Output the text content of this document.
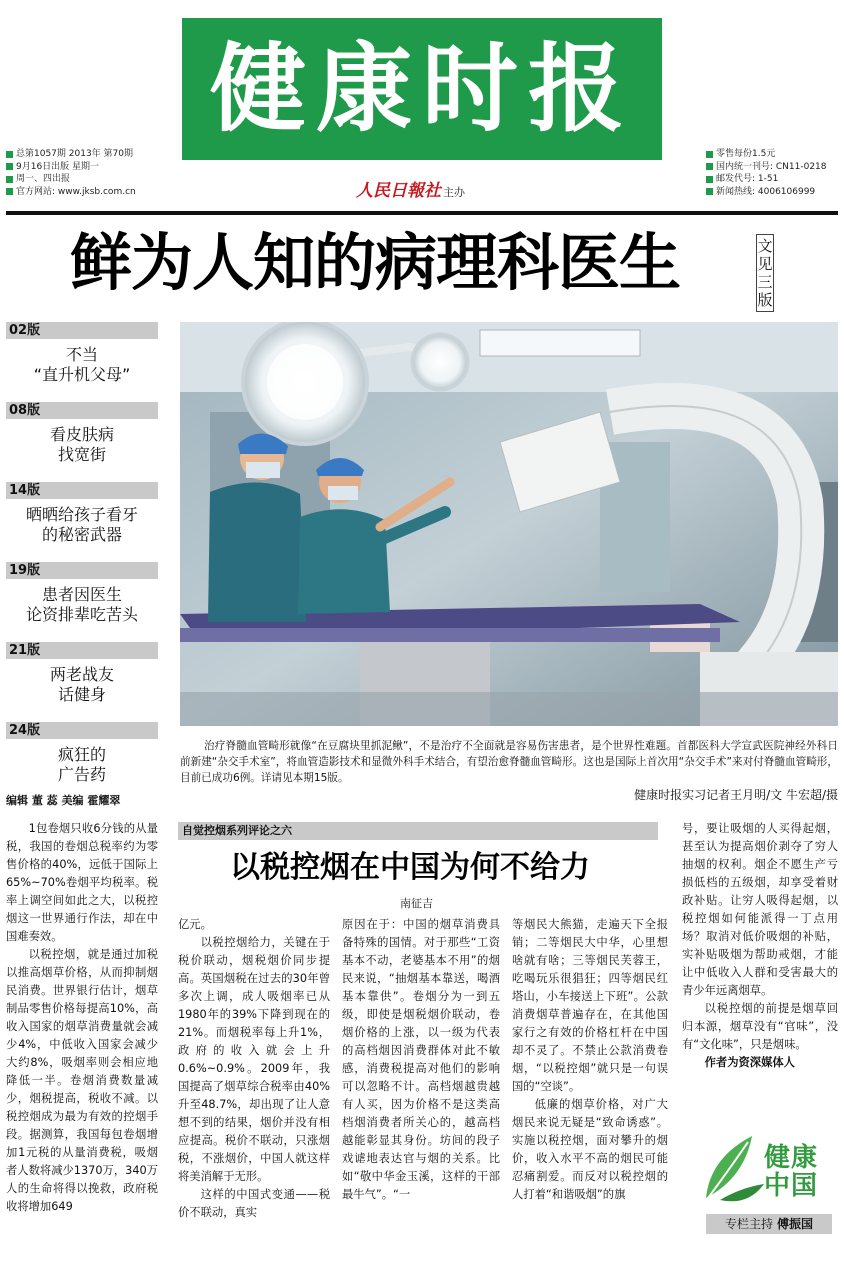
健康时报
总第1057期 2013年 第70期
9月16日出版 星期一
周一、四出报
官方网站: www.jksb.com.cn	人民日報社 主办
零售每份1.5元
国内统一刊号: CN11-0218
邮发代号: 1-51
新闻热线: 4006106999
鲜为人知的病理科医生	文见三版
02版
不当
“直升机父母”
08版
看皮肤病
找宽街
14版
晒晒给孩子看牙
的秘密武器
19版
患者因医生
论资排辈吃苦头
21版
两老战友
话健身
24版
疯狂的
广告药
编辑 董 蕊 美编 霍耀翠
治疗脊髓血管畸形就像“在豆腐块里抓泥鳅”，不是治疗不全面就是容易伤害患者，是个世界性难题。首都医科大学宣武医院神经外科日前新建“杂交手术室”，将血管造影技术和显微外科手术结合，有望治愈脊髓血管畸形。这也是国际上首次用“杂交手术”来对付脊髓血管畸形，目前已成功6例。详请见本期15版。
健康时报实习记者王月明/文 牛宏超/摄

1包卷烟只收6分钱的从量税，我国的卷烟总税率约为零售价格的40%，远低于国际上65%~70%卷烟平均税率。税率上调空间如此之大，以税控烟这一世界通行作法，却在中国难奏效。

以税控烟，就是通过加税以推高烟草价格，从而抑制烟民消费。世界银行估计，烟草制品零售价格每提高10%，高收入国家的烟草消费量就会减少4%，中低收入国家会减少大约8%，吸烟率则会相应地降低一半。卷烟消费数量减少，烟税提高，税收不减。以税控烟成为最为有效的控烟手段。据测算，我国每包卷烟增加1元税的从量消费税，吸烟者人数将减少1370万，340万人的生命将得以挽救，政府税收将增加649

自觉控烟系列评论之六
以税控烟在中国为何不给力
南征吉

亿元。

以税控烟给力，关键在于税价联动，烟税烟价同步提高。英国烟税在过去的30年曾多次上调，成人吸烟率已从1980年的39%下降到现在的21%。而烟税率每上升1%，政府的收入就会上升0.6%~0.9%。2009年，我国提高了烟草综合税率由40%升至48.7%，却出现了让人意想不到的结果，烟价并没有相应提高。税价不联动，只涨烟税，不涨烟价，中国人就这样将美消解于无形。

这样的中国式变通——税价不联动，真实

原因在于：中国的烟草消费具备特殊的国情。对于那些“工资基本不动，老婆基本不用”的烟民来说，“抽烟基本靠送，喝酒基本靠供”。卷烟分为一到五级，即使是烟税烟价联动，卷烟价格的上涨，以一级为代表的高档烟因消费群体对此不敏感，消费税提高对他们的影响可以忽略不计。高档烟越贵越有人买，因为价格不是这类高档烟消费者所关心的，越高档越能彰显其身份。坊间的段子戏谑地表达官与烟的关系。比如“敬中华金玉溪，这样的干部最牛气”。“一

等烟民大熊猫，走遍天下全报销；二等烟民大中华，心里想啥就有啥；三等烟民芙蓉王，吃喝玩乐很猖狂；四等烟民红塔山，小车接送上下班”。公款消费烟草普遍存在，在其他国家行之有效的价格杠杆在中国却不灵了。不禁止公款消费卷烟，“以税控烟”就只是一句误国的“空谈”。

低廉的烟草价格，对广大烟民来说无疑是“致命诱惑”。实施以税控烟，面对攀升的烟价，收入水平不高的烟民可能忍痛割爱。而反对以税控烟的人打着“和谐吸烟”的旗

号，要让吸烟的人买得起烟，甚至认为提高烟价剥夺了穷人抽烟的权利。烟企不愿生产亏损低档的五级烟，却享受着财政补贴。让穷人吸得起烟，以税控烟如何能派得一丁点用场？取消对低价吸烟的补贴，实补贴吸烟为帮助戒烟，才能让中低收入人群和受害最大的青少年远离烟草。

以税控烟的前提是烟草回归本源，烟草没有“官味”，没有“文化味”，只是烟味。

作者为资深媒体人

健康
中国
专栏主持 傅振国
